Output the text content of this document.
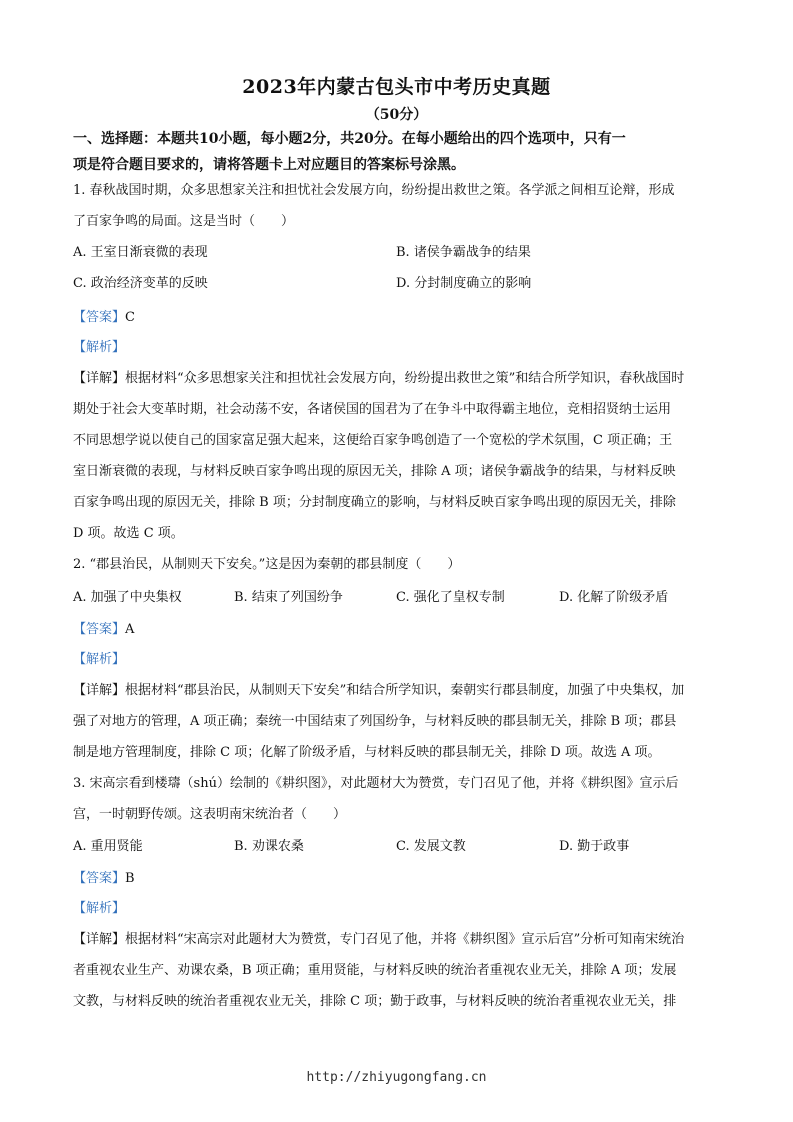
2023年内蒙古包头市中考历史真题
（50分）
一、选择题：本题共10小题，每小题2分，共20分。在每小题给出的四个选项中，只有一
项是符合题目要求的，请将答题卡上对应题目的答案标号涂黑。
1. 春秋战国时期，众多思想家关注和担忧社会发展方向，纷纷提出救世之策。各学派之间相互论辩，形成
了百家争鸣的局面。这是当时（　　）
A. 王室日渐衰微的表现	B. 诸侯争霸战争的结果
C. 政治经济变革的反映	D. 分封制度确立的影响
【答案】C
【解析】
【详解】根据材料“众多思想家关注和担忧社会发展方向，纷纷提出救世之策”和结合所学知识，春秋战国时
期处于社会大变革时期，社会动荡不安，各诸侯国的国君为了在争斗中取得霸主地位，竞相招贤纳士运用
不同思想学说以使自己的国家富足强大起来，这便给百家争鸣创造了一个宽松的学术氛围，C 项正确；王
室日渐衰微的表现，与材料反映百家争鸣出现的原因无关，排除 A 项；诸侯争霸战争的结果，与材料反映
百家争鸣出现的原因无关，排除 B 项；分封制度确立的影响，与材料反映百家争鸣出现的原因无关，排除
D 项。故选 C 项。
2. “郡县治民，从制则天下安矣。”这是因为秦朝的郡县制度（　　）
A. 加强了中央集权	B. 结束了列国纷争	C. 强化了皇权专制	D. 化解了阶级矛盾
【答案】A
【解析】
【详解】根据材料“郡县治民，从制则天下安矣”和结合所学知识，秦朝实行郡县制度，加强了中央集权，加
强了对地方的管理，A 项正确；秦统一中国结束了列国纷争，与材料反映的郡县制无关，排除 B 项；郡县
制是地方管理制度，排除 C 项；化解了阶级矛盾，与材料反映的郡县制无关，排除 D 项。故选 A 项。
3. 宋高宗看到楼璹（shú）绘制的《耕织图》，对此题材大为赞赏，专门召见了他，并将《耕织图》宣示后
宫，一时朝野传颂。这表明南宋统治者（　　）
A. 重用贤能	B. 劝课农桑	C. 发展文教	D. 勤于政事
【答案】B
【解析】
【详解】根据材料“宋高宗对此题材大为赞赏，专门召见了他，并将《耕织图》宣示后宫”分析可知南宋统治
者重视农业生产、劝课农桑，B 项正确；重用贤能，与材料反映的统治者重视农业无关，排除 A 项；发展
文教，与材料反映的统治者重视农业无关，排除 C 项；勤于政事，与材料反映的统治者重视农业无关，排
http://zhiyugongfang.cn
